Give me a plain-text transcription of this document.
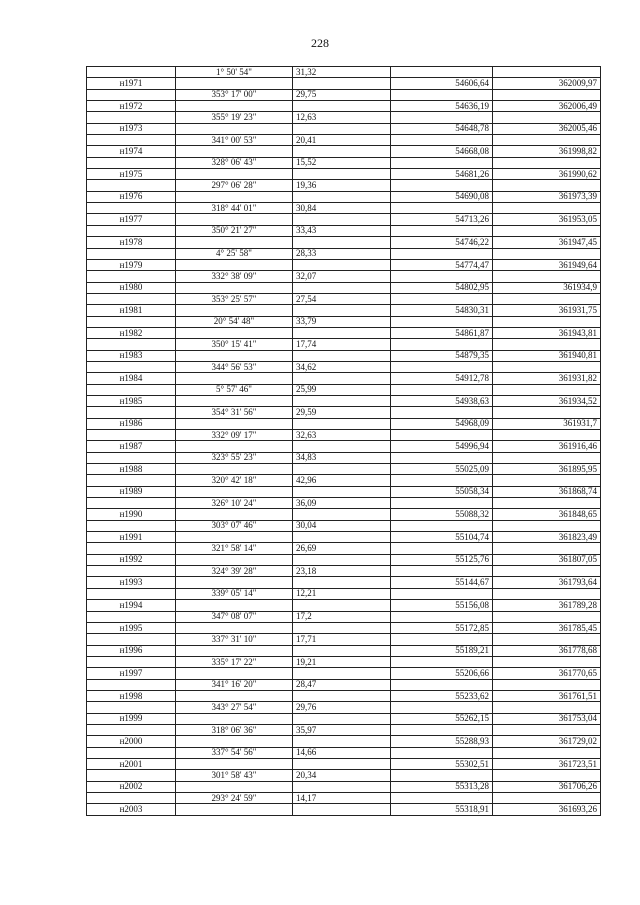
228
	1° 50' 54"	31,32		
н1971			54606,64	362009,97
	353° 17' 00"	29,75		
н1972			54636,19	362006,49
	355° 19' 23"	12,63		
н1973			54648,78	362005,46
	341° 00' 53"	20,41		
н1974			54668,08	361998,82
	328° 06' 43"	15,52		
н1975			54681,26	361990,62
	297° 06' 28"	19,36		
н1976			54690,08	361973,39
	318° 44' 01"	30,84		
н1977			54713,26	361953,05
	350° 21' 27"	33,43		
н1978			54746,22	361947,45
	4° 25' 58"	28,33		
н1979			54774,47	361949,64
	332° 38' 09"	32,07		
н1980			54802,95	361934,9
	353° 25' 57"	27,54		
н1981			54830,31	361931,75
	20° 54' 48"	33,79		
н1982			54861,87	361943,81
	350° 15' 41"	17,74		
н1983			54879,35	361940,81
	344° 56' 53"	34,62		
н1984			54912,78	361931,82
	5° 57' 46"	25,99		
н1985			54938,63	361934,52
	354° 31' 56"	29,59		
н1986			54968,09	361931,7
	332° 09' 17"	32,63		
н1987			54996,94	361916,46
	323° 55' 23"	34,83		
н1988			55025,09	361895,95
	320° 42' 18"	42,96		
н1989			55058,34	361868,74
	326° 10' 24"	36,09		
н1990			55088,32	361848,65
	303° 07' 46"	30,04		
н1991			55104,74	361823,49
	321° 58' 14"	26,69		
н1992			55125,76	361807,05
	324° 39' 28"	23,18		
н1993			55144,67	361793,64
	339° 05' 14"	12,21		
н1994			55156,08	361789,28
	347° 08' 07"	17,2		
н1995			55172,85	361785,45
	337° 31' 10"	17,71		
н1996			55189,21	361778,68
	335° 17' 22"	19,21		
н1997			55206,66	361770,65
	341° 16' 20"	28,47		
н1998			55233,62	361761,51
	343° 27' 54"	29,76		
н1999			55262,15	361753,04
	318° 06' 36"	35,97		
н2000			55288,93	361729,02
	337° 54' 56"	14,66		
н2001			55302,51	361723,51
	301° 58' 43"	20,34		
н2002			55313,28	361706,26
	293° 24' 59"	14,17		
н2003			55318,91	361693,26
